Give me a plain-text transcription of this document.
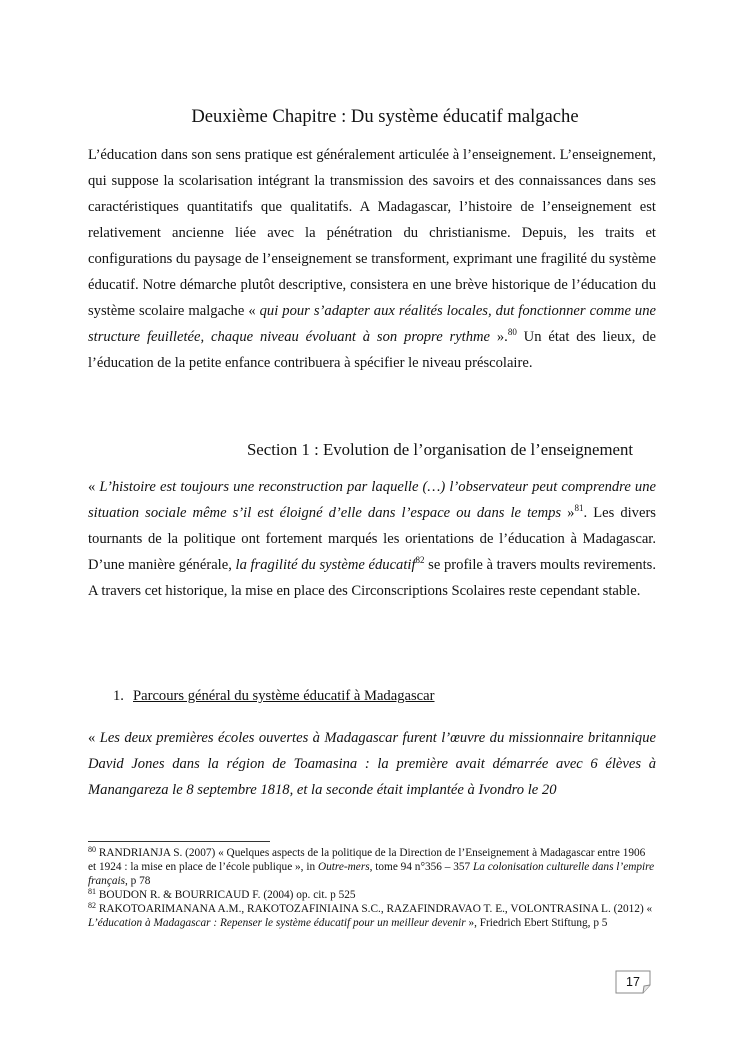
Deuxième Chapitre : Du système éducatif malgache

L’éducation dans son sens pratique est généralement articulée à l’enseignement. L’enseignement, qui suppose la scolarisation intégrant la transmission des savoirs et des connaissances dans ses caractéristiques quantitatifs que qualitatifs. A Madagascar, l’histoire de l’enseignement est relativement ancienne liée avec la pénétration du christianisme. Depuis, les traits et configurations du paysage de l’enseignement se transforment, exprimant une fragilité du système éducatif. Notre démarche plutôt descriptive, consistera en une brève historique de l’éducation du système scolaire malgache « qui pour s’adapter aux réalités locales, dut fonctionner comme une structure feuilletée, chaque niveau évoluant à son propre rythme ».$^{80}$ Un état des lieux, de l’éducation de la petite enfance contribuera à spécifier le niveau préscolaire.

Section 1 : Evolution de l’organisation de l’enseignement

« L’histoire est toujours une reconstruction par laquelle (…) l’observateur peut comprendre une situation sociale même s’il est éloigné d’elle dans l’espace ou dans le temps »$^{81}$. Les divers tournants de la politique ont fortement marqués les orientations de l’éducation à Madagascar. D’une manière générale, la fragilité du système éducatif$^{82}$ se profile à travers moults revirements. A travers cet historique, la mise en place des Circonscriptions Scolaires reste cependant stable.

1. Parcours général du système éducatif à Madagascar

« Les deux premières écoles ouvertes à Madagascar furent l’œuvre du missionnaire britannique David Jones dans la région de Toamasina : la première avait démarrée avec 6 élèves à Manangareza le 8 septembre 1818, et la seconde était implantée à Ivondro le 20

$^{80}$ RANDRIANJA S. (2007) « Quelques aspects de la politique de la Direction de l’Enseignement à Madagascar entre 1906 et 1924 : la mise en place de l’école publique », in Outre-mers, tome 94 n°356 – 357 La colonisation culturelle dans l’empire français, p 78
$^{81}$ BOUDON R. & BOURRICAUD F. (2004) op. cit. p 525
$^{82}$ RAKOTOARIMANANA A.M., RAKOTOZAFINIAINA S.C., RAZAFINDRAVAO T. E., VOLONTRASINA L. (2012) « L’éducation à Madagascar : Repenser le système éducatif pour un meilleur devenir », Friedrich Ebert Stiftung, p 5
17
